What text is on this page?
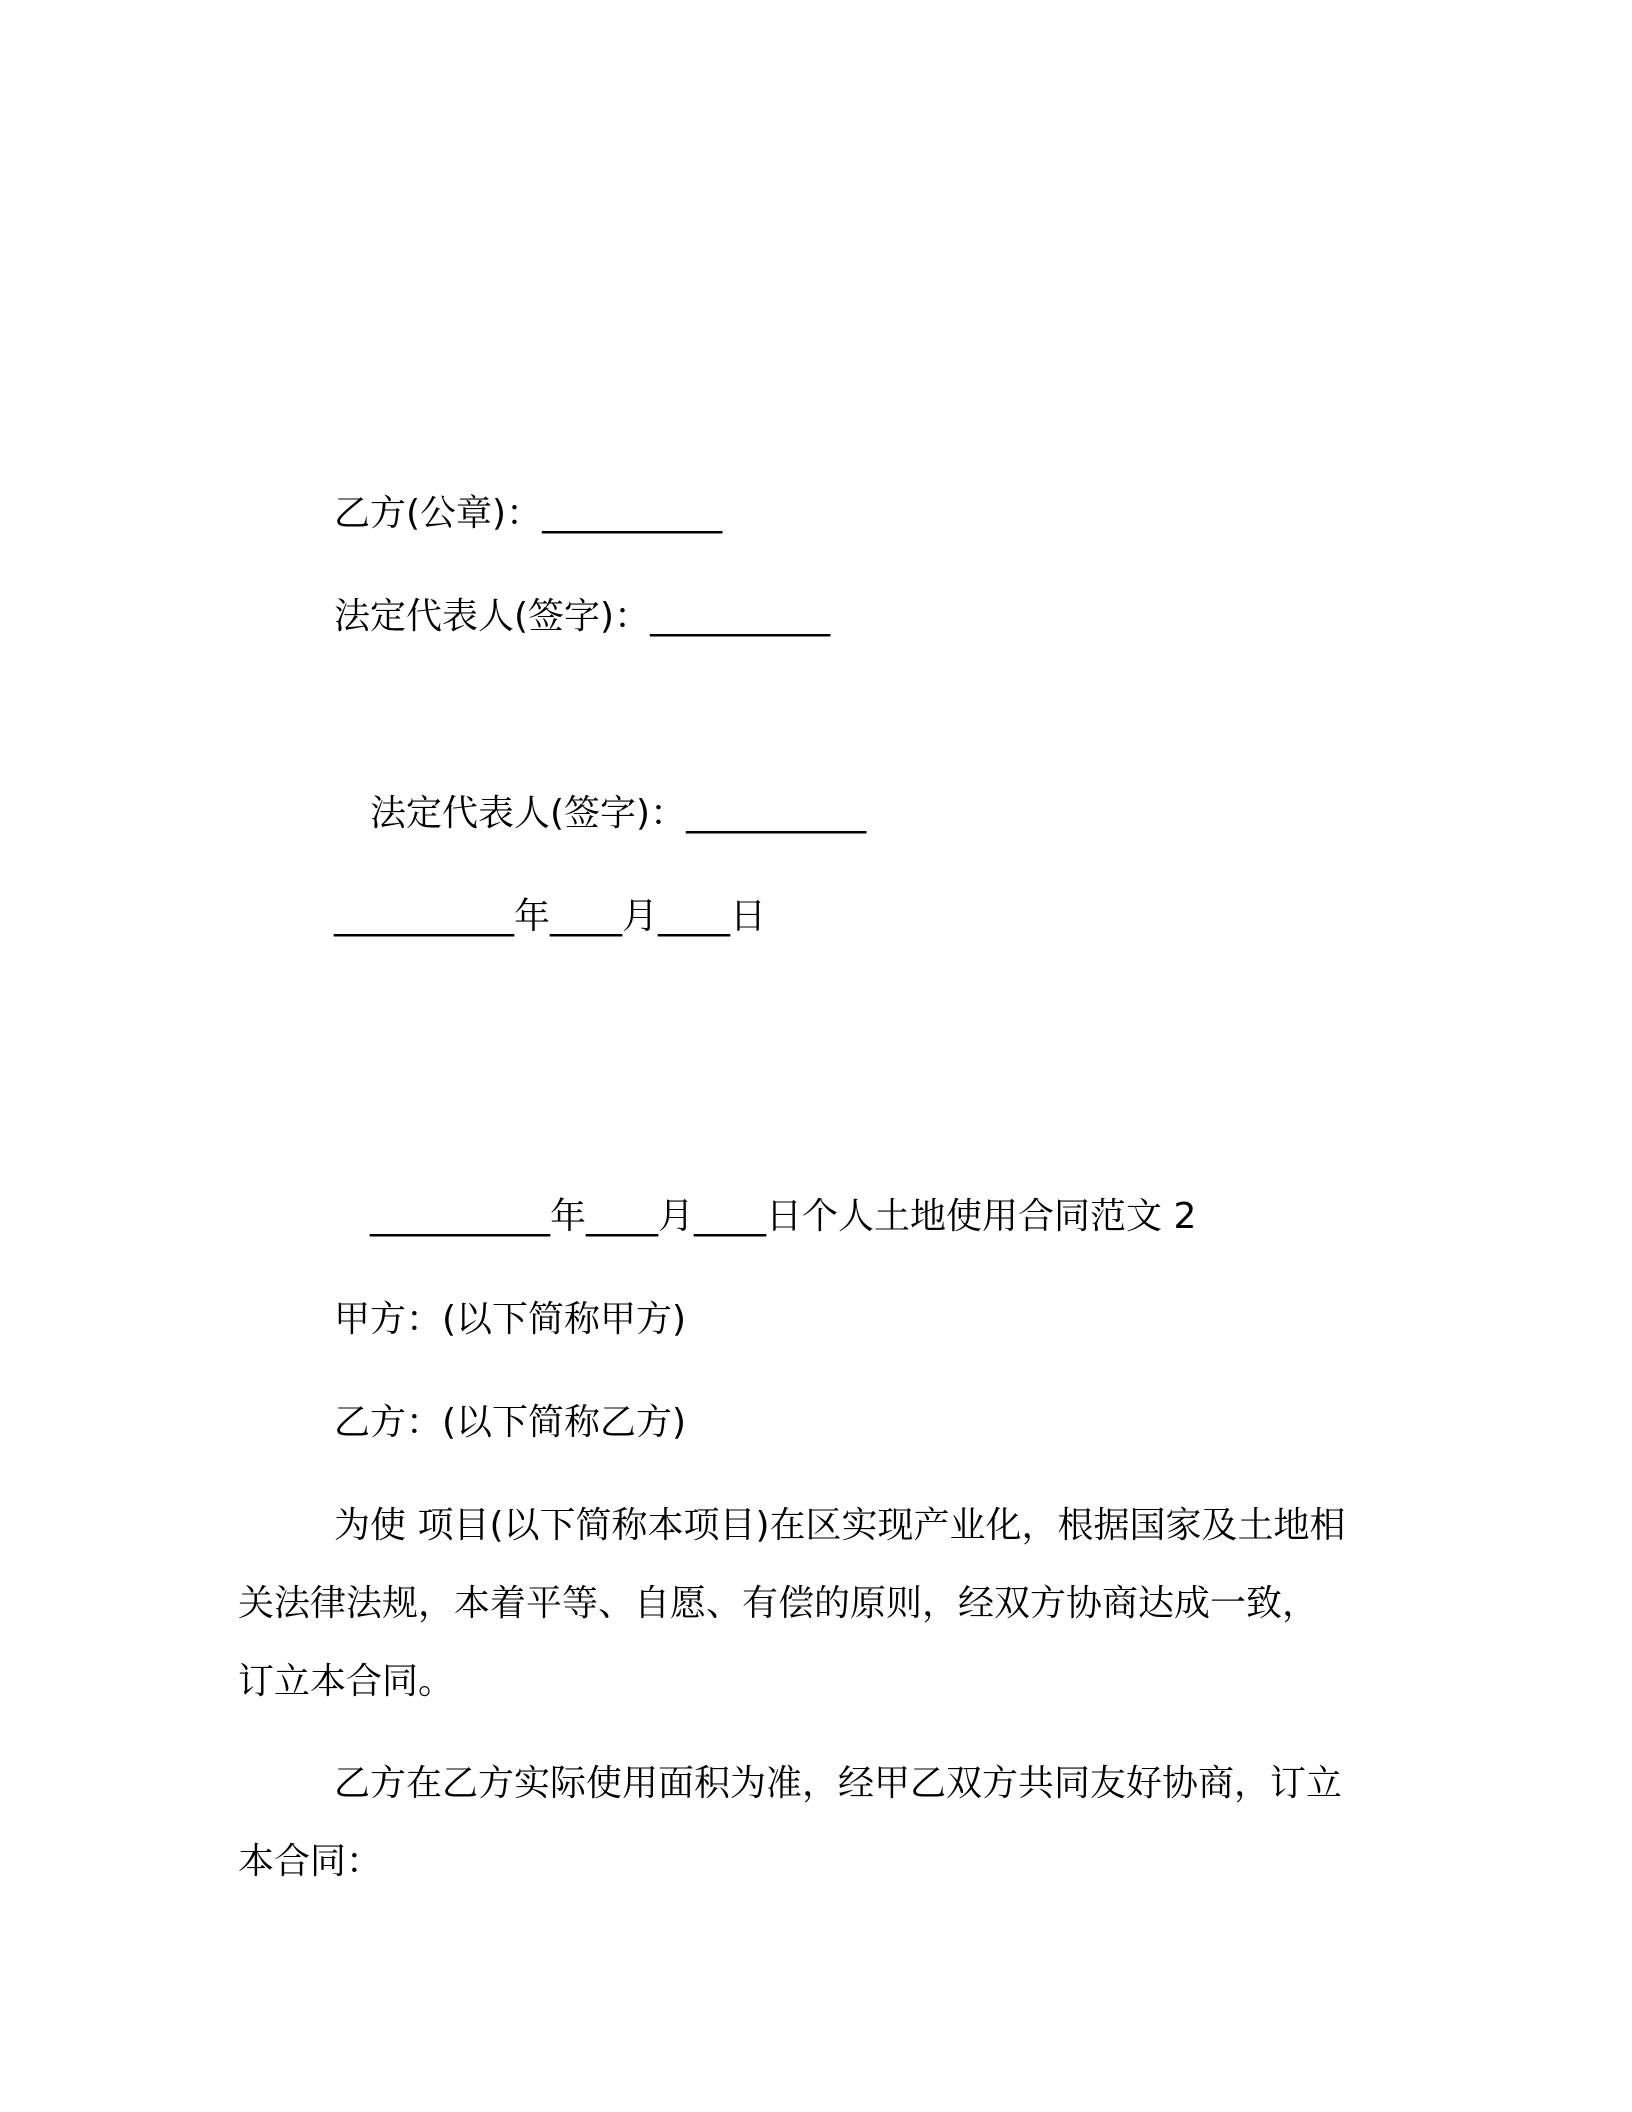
乙方(公章)：__________
法定代表人(签字)：__________
法定代表人(签字)：__________
__________年____月____日
__________年____月____日个人土地使用合同范文 2
甲方：(以下简称甲方)
乙方：(以下简称乙方)
为使 项目(以下简称本项目)在区实现产业化，根据国家及土地相
关法律法规，本着平等、自愿、有偿的原则，经双方协商达成一致，
订立本合同。
乙方在乙方实际使用面积为准，经甲乙双方共同友好协商，订立
本合同：
